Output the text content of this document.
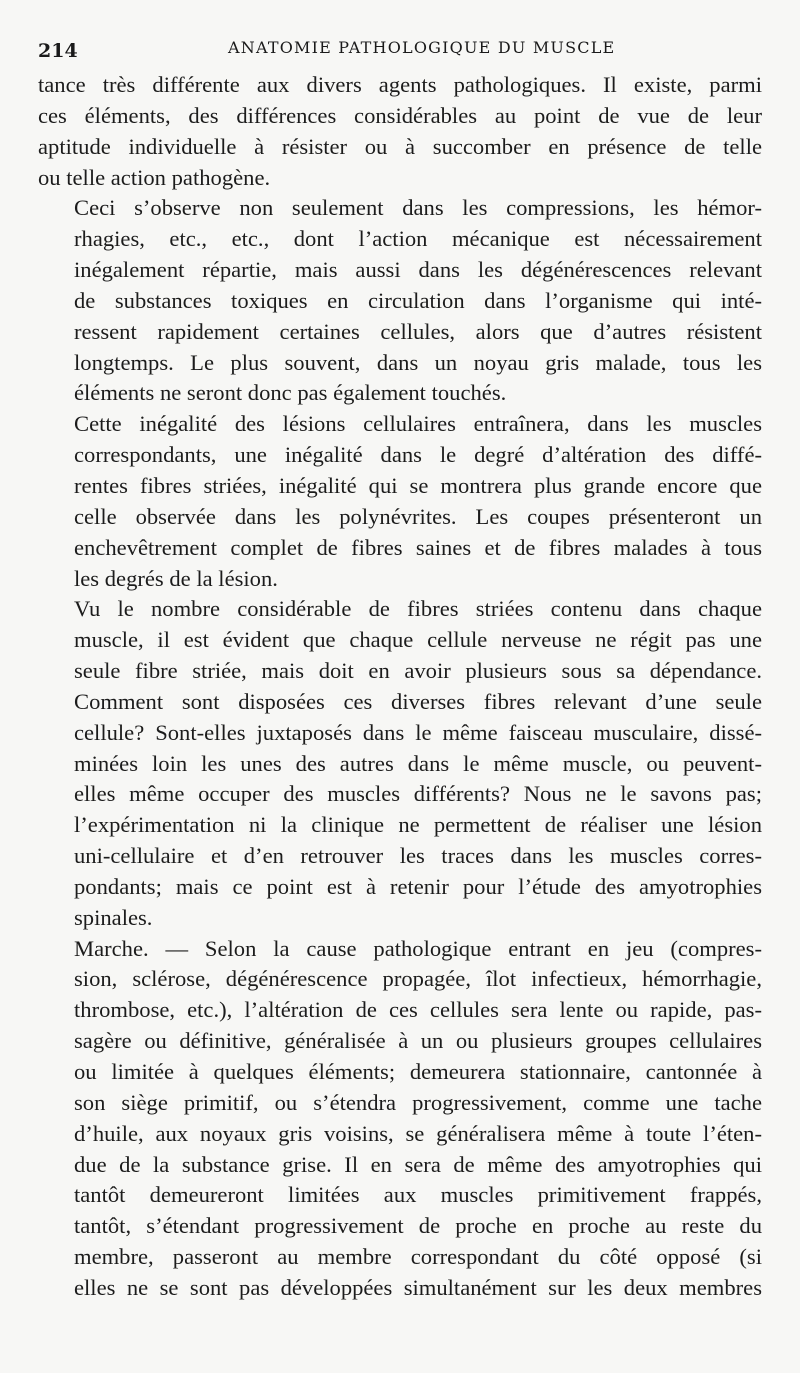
214	ANATOMIE PATHOLOGIQUE DU MUSCLE

tance très différente aux divers agents pathologiques. Il existe, parmi
ces éléments, des différences considérables au point de vue de leur
aptitude individuelle à résister ou à succomber en présence de telle
ou telle action pathogène.

Ceci s’observe non seulement dans les compressions, les hémor-
rhagies, etc., etc., dont l’action mécanique est nécessairement
inégalement répartie, mais aussi dans les dégénérescences relevant
de substances toxiques en circulation dans l’organisme qui inté-
ressent rapidement certaines cellules, alors que d’autres résistent
longtemps. Le plus souvent, dans un noyau gris malade, tous les
éléments ne seront donc pas également touchés.

Cette inégalité des lésions cellulaires entraînera, dans les muscles
correspondants, une inégalité dans le degré d’altération des diffé-
rentes fibres striées, inégalité qui se montrera plus grande encore que
celle observée dans les polynévrites. Les coupes présenteront un
enchevêtrement complet de fibres saines et de fibres malades à tous
les degrés de la lésion.

Vu le nombre considérable de fibres striées contenu dans chaque
muscle, il est évident que chaque cellule nerveuse ne régit pas une
seule fibre striée, mais doit en avoir plusieurs sous sa dépendance.
Comment sont disposées ces diverses fibres relevant d’une seule
cellule? Sont-elles juxtaposés dans le même faisceau musculaire, dissé-
minées loin les unes des autres dans le même muscle, ou peuvent-
elles même occuper des muscles différents? Nous ne le savons pas;
l’expérimentation ni la clinique ne permettent de réaliser une lésion
uni-cellulaire et d’en retrouver les traces dans les muscles corres-
pondants; mais ce point est à retenir pour l’étude des amyotrophies
spinales.

Marche. — Selon la cause pathologique entrant en jeu (compres-
sion, sclérose, dégénérescence propagée, îlot infectieux, hémorrhagie,
thrombose, etc.), l’altération de ces cellules sera lente ou rapide, pas-
sagère ou définitive, généralisée à un ou plusieurs groupes cellulaires
ou limitée à quelques éléments; demeurera stationnaire, cantonnée à
son siège primitif, ou s’étendra progressivement, comme une tache
d’huile, aux noyaux gris voisins, se généralisera même à toute l’éten-
due de la substance grise. Il en sera de même des amyotrophies qui
tantôt demeureront limitées aux muscles primitivement frappés,
tantôt, s’étendant progressivement de proche en proche au reste du
membre, passeront au membre correspondant du côté opposé (si
elles ne se sont pas développées simultanément sur les deux membres
